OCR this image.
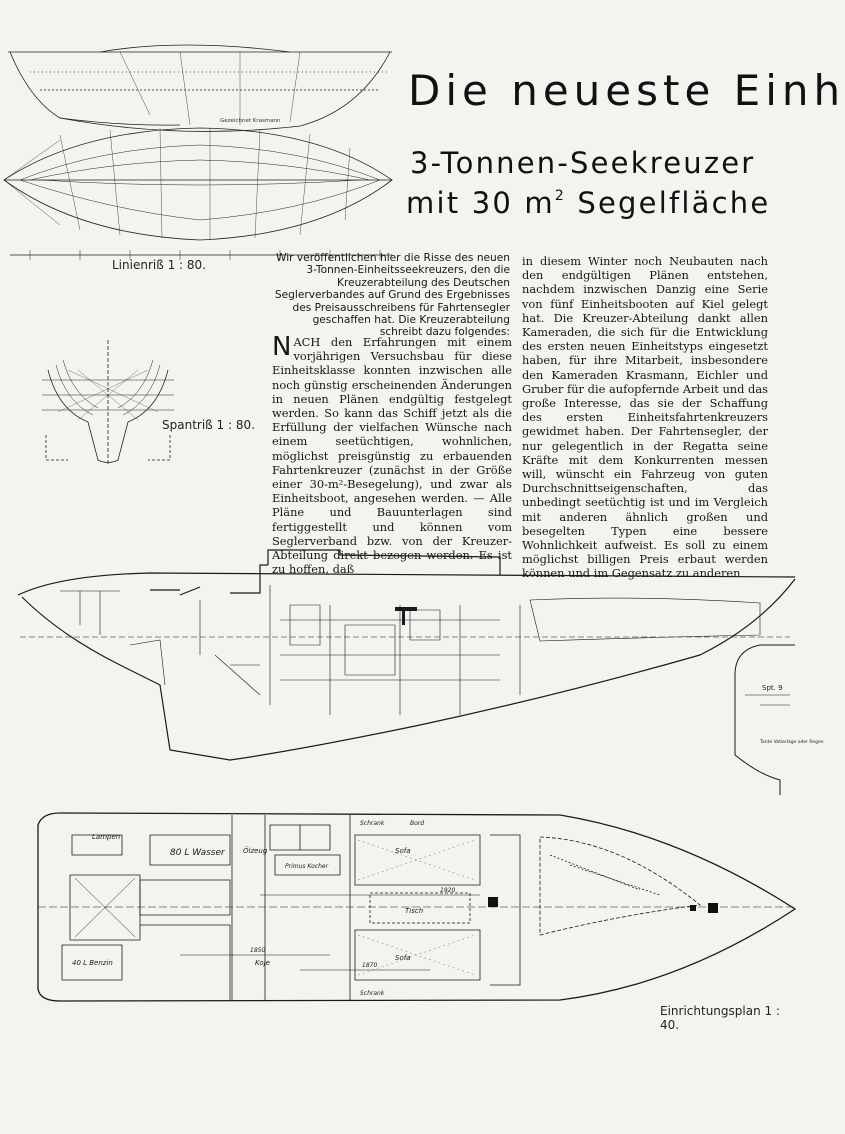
Gezeichnet Krasmann
Linienriß 1 : 80.
Die neueste Einh
3-Tonnen-Seekreuzer
mit 30 $m^2$ Segelfläche
Spantriß 1 : 80.

Wir veröffentlichen hier die Risse des neuen 3-Tonnen-Einheitsseekreuzers, den die Kreuzerabteilung des Deutschen Seglerverbandes auf Grund des Ergebnisses des Preisausschreibens für Fahrtensegler geschaffen hat. Die Kreuzerabteilung schreibt dazu folgendes:

NACH den Erfahrungen mit einem vorjährigen Versuchsbau für diese Einheitsklasse konnten inzwischen alle noch günstig erscheinenden Änderungen in neuen Plänen endgültig festgelegt werden. So kann das Schiff jetzt als die Erfüllung der vielfachen Wünsche nach einem seetüchtigen, wohnlichen, möglichst preisgünstig zu erbauenden Fahrtenkreuzer (zunächst in der Größe einer 30-m²-Besegelung), und zwar als Einheitsboot, angesehen werden. — Alle Pläne und Bauunterlagen sind fertiggestellt und können vom Seglerverband bzw. von der Kreuzer-Abteilung direkt bezogen werden. Es ist zu hoffen, daß

in diesem Winter noch Neubauten nach den endgültigen Plänen entstehen, nachdem inzwischen Danzig eine Serie von fünf Einheitsbooten auf Kiel gelegt hat. Die Kreuzer-Abteilung dankt allen Kameraden, die sich für die Entwicklung des ersten neuen Einheitstyps eingesetzt haben, für ihre Mitarbeit, insbesondere den Kameraden Krasmann, Eichler und Gruber für die aufopfernde Arbeit und das große Interesse, das sie der Schaffung des ersten Einheitsfahrtenkreuzers gewidmet haben. Der Fahrtensegler, der nur gelegentlich in der Regatta seine Kräfte mit dem Konkurrenten messen will, wünscht ein Fahrzeug von guten Durchschnittseigenschaften, das unbedingt seetüchtig ist und im Vergleich mit anderen ähnlich großen und besegelten Typen eine bessere Wohnlichkeit aufweist. Es soll zu einem möglichst billigen Preis erbaut werden können und im Gegensatz zu anderen

Spt. 9
Tante Vatierlage oder Regen
Lampen
80 L Wasser	Ölzeug
Primus Kocher
40 L Benzin	Koje
Sofa
Sofa
Tisch
Schrank
Schrank
Bord
1850
1870
1920
Einrichtungsplan 1 : 40.
